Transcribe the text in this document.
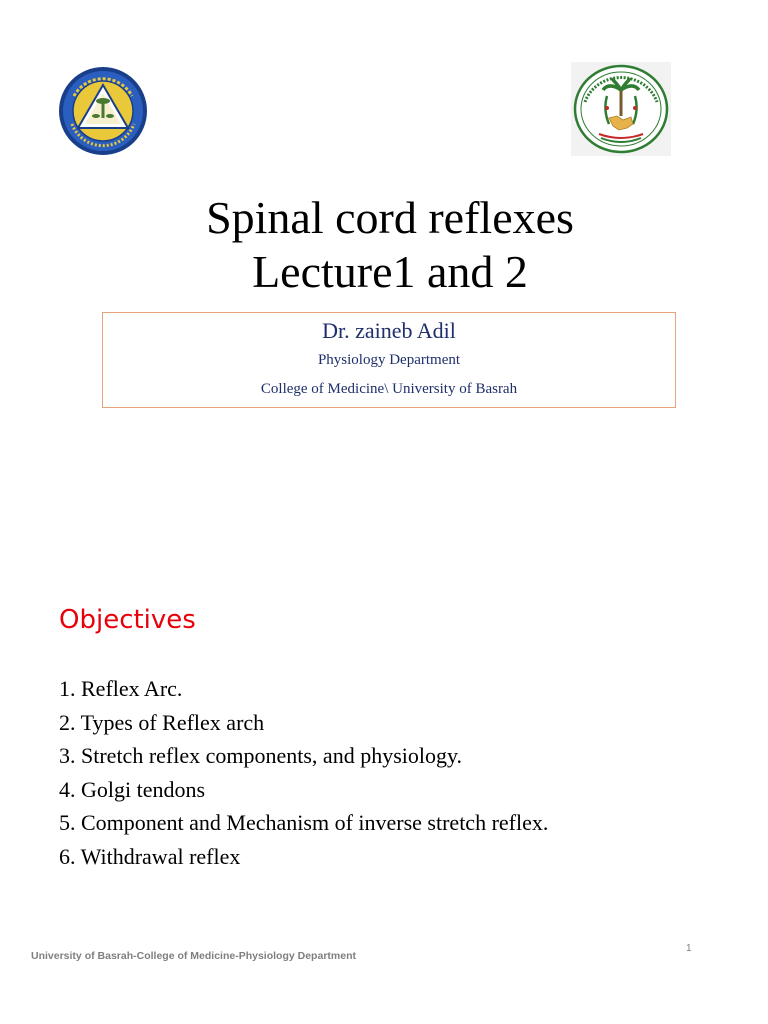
Spinal cord reflexes
Lecture1 and 2
Dr. zaineb Adil
Physiology Department
College of Medicine\ University of Basrah
Objectives
1. Reflex Arc.
2. Types of Reflex arch
3. Stretch reflex components, and physiology.
4. Golgi tendons
5. Component and Mechanism of inverse stretch reflex.
6. Withdrawal reflex
University of Basrah-College of Medicine-Physiology Department
1
